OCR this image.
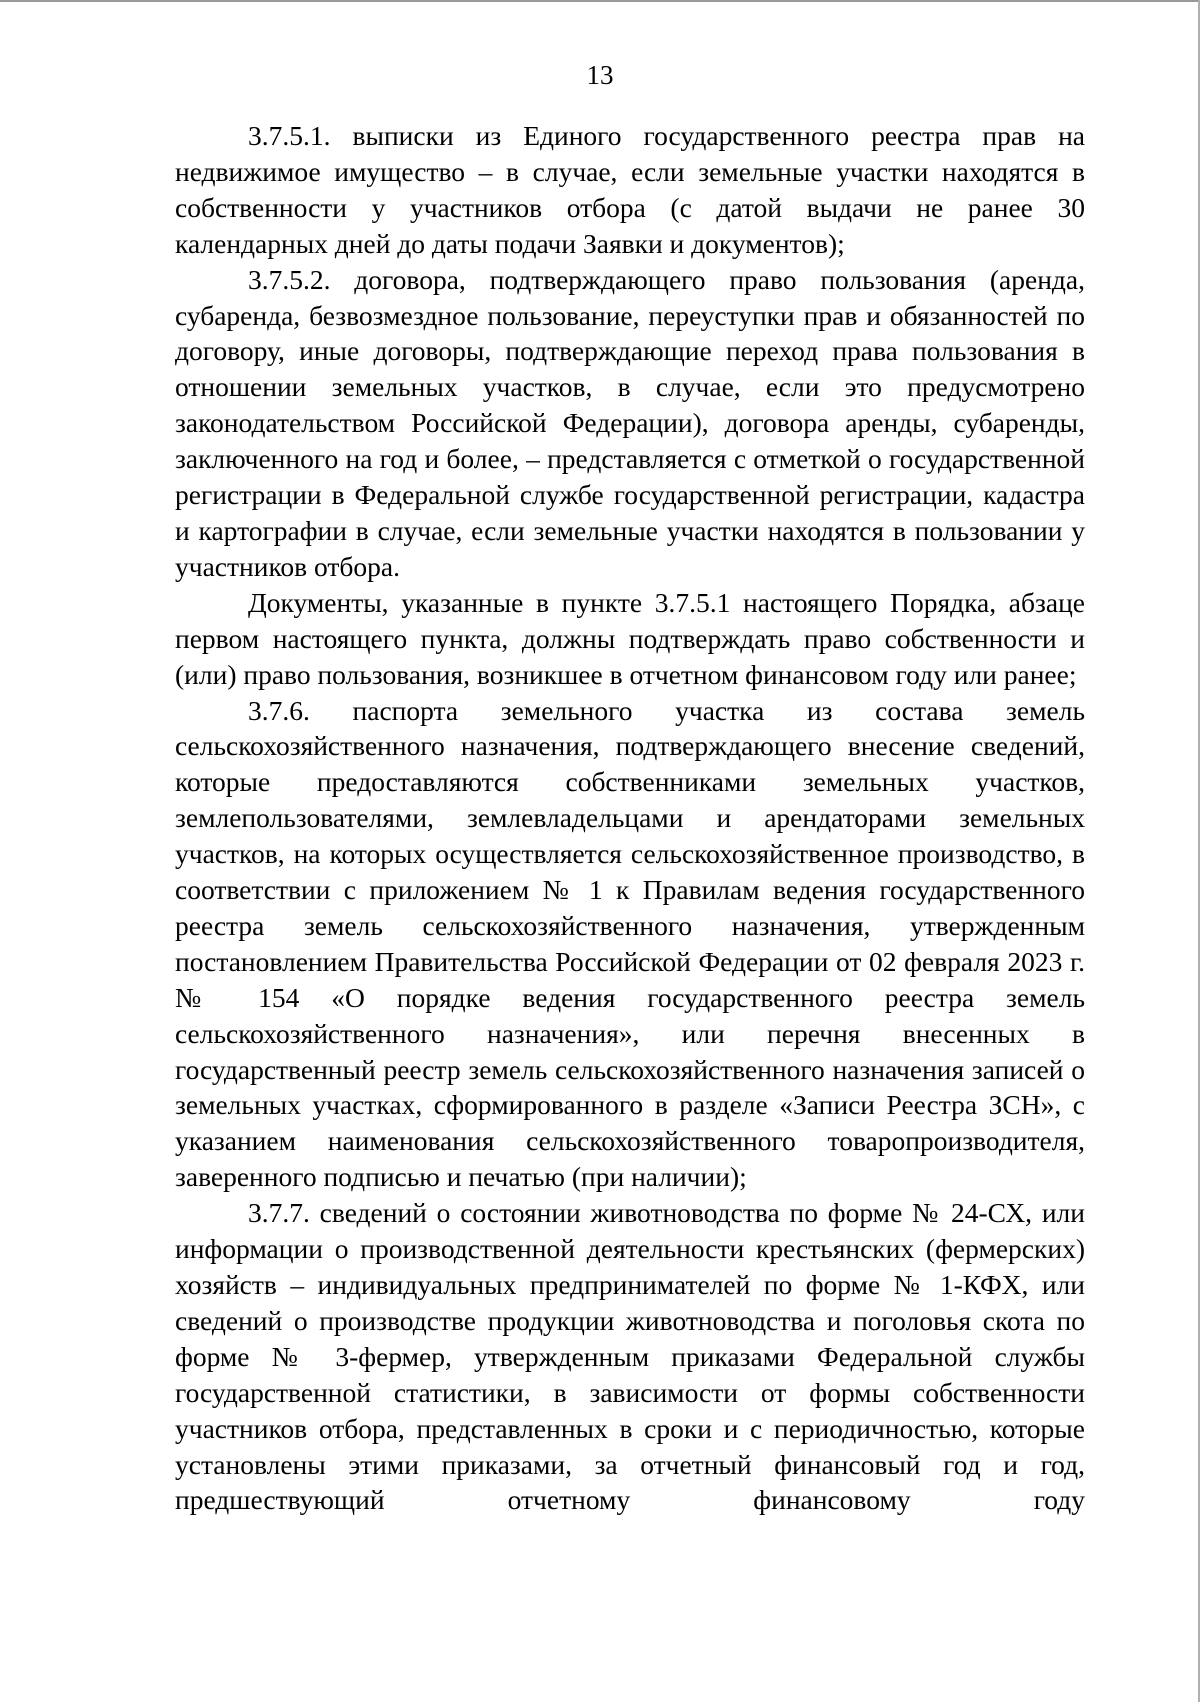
13

3.7.5.1. выписки из Единого государственного реестра прав на недвижимое имущество – в случае, если земельные участки находятся в собственности у участников отбора (с датой выдачи не ранее 30 календарных дней до даты подачи Заявки и документов);

3.7.5.2. договора, подтверждающего право пользования (аренда, субаренда, безвозмездное пользование, переуступки прав и обязанностей по договору, иные договоры, подтверждающие переход права пользования в отношении земельных участков, в случае, если это предусмотрено законодательством Российской Федерации), договора аренды, субаренды, заключенного на год и более, – представляется с отметкой о государственной регистрации в Федеральной службе государственной регистрации, кадастра и картографии в случае, если земельные участки находятся в пользовании у участников отбора.

Документы, указанные в пункте 3.7.5.1 настоящего Порядка, абзаце первом настоящего пункта, должны подтверждать право собственности и (или) право пользования, возникшее в отчетном финансовом году или ранее;

3.7.6. паспорта земельного участка из состава земель сельскохозяйственного назначения, подтверждающего внесение сведений, которые предоставляются собственниками земельных участков, землепользователями, землевладельцами и арендаторами земельных участков, на которых осуществляется сельскохозяйственное производство, в соответствии с приложением № 1 к Правилам ведения государственного реестра земель сельскохозяйственного назначения, утвержденным постановлением Правительства Российской Федерации от 02 февраля 2023 г. № 154 «О порядке ведения государственного реестра земель сельскохозяйственного назначения», или перечня внесенных в государственный реестр земель сельскохозяйственного назначения записей о земельных участках, сформированного в разделе «Записи Реестра ЗСН», с указанием наименования сельскохозяйственного товаропроизводителя, заверенного подписью и печатью (при наличии);

3.7.7. сведений о состоянии животноводства по форме № 24-СХ, или информации о производственной деятельности крестьянских (фермерских) хозяйств – индивидуальных предпринимателей по форме № 1-КФХ, или сведений о производстве продукции животноводства и поголовья скота по форме № 3-фермер, утвержденным приказами Федеральной службы государственной статистики, в зависимости от формы собственности участников отбора, представленных в сроки и с периодичностью, которые установлены этими приказами, за отчетный финансовый год и год, предшествующий отчетному финансовому году
